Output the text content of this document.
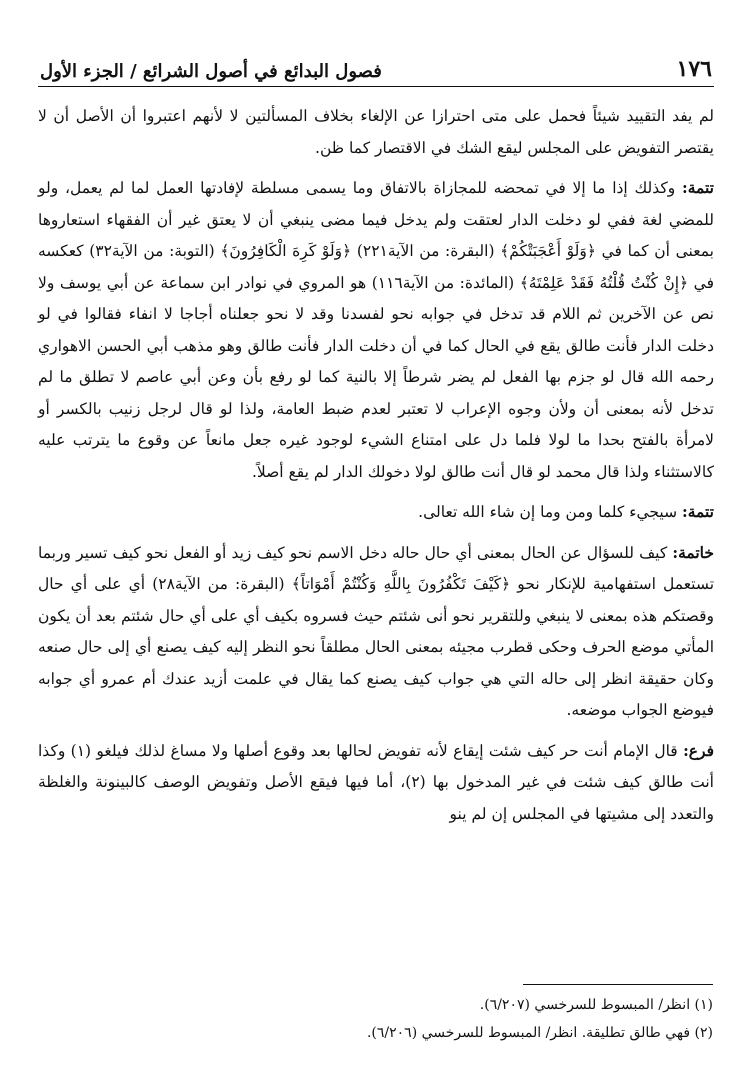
١٧٦
فصول البدائع في أصول الشرائع / الجزء الأول

لم يفد التقييد شيئاً فحمل على متى احترازا عن الإلغاء بخلاف المسألتين لا لأنهم اعتبروا أن الأصل أن لا يقتصر التفويض على المجلس ليقع الشك في الاقتصار كما ظن.

تتمة: وكذلك إذا ما إلا في تمحضه للمجازاة بالاتفاق وما يسمى مسلطة لإفادتها العمل لما لم يعمل، ولو للمضي لغة ففي لو دخلت الدار لعتقت ولم يدخل فيما مضى ينبغي أن لا يعتق غير أن الفقهاء استعاروها بمعنى أن كما في ﴿وَلَوْ أَعْجَبَتْكُمْ﴾ (البقرة: من الآية٢٢١) ﴿وَلَوْ كَرِهَ الْكَافِرُونَ﴾ (التوبة: من الآية٣٢) كعكسه في ﴿إِنْ كُنْتُ قُلْتُهُ فَقَدْ عَلِمْتَهُ﴾ (المائدة: من الآية١١٦) هو المروي في نوادر ابن سماعة عن أبي يوسف ولا نص عن الآخرين ثم اللام قد تدخل في جوابه نحو لفسدنا وقد لا نحو جعلناه أجاجا لا انفاء فقالوا في لو دخلت الدار فأنت طالق يقع في الحال كما في أن دخلت الدار فأنت طالق وهو مذهب أبي الحسن الاهواري رحمه الله قال لو جزم بها الفعل لم يضر شرطاً إلا بالنية كما لو رفع بأن وعن أبي عاصم لا تطلق ما لم تدخل لأنه بمعنى أن ولأن وجوه الإعراب لا تعتبر لعدم ضبط العامة، ولذا لو قال لرجل زنيب بالكسر أو لامرأة بالفتح بحدا ما لولا فلما دل على امتناع الشيء لوجود غيره جعل مانعاً عن وقوع ما يترتب عليه كالاستثناء ولذا قال محمد لو قال أنت طالق لولا دخولك الدار لم يقع أصلاً.

تتمة: سيجيء كلما ومن وما إن شاء الله تعالى.

خاتمة: كيف للسؤال عن الحال بمعنى أي حال حاله دخل الاسم نحو كيف زيد أو الفعل نحو كيف تسير وربما تستعمل استفهامية للإنكار نحو ﴿كَيْفَ تَكْفُرُونَ بِاللَّهِ وَكُنْتُمْ أَمْوَاتاً﴾ (البقرة: من الآية٢٨) أي على أي حال وقصتكم هذه بمعنى لا ينبغي وللتقرير نحو أنى شئتم حيث فسروه بكيف أي على أي حال شئتم بعد أن يكون المأتي موضع الحرف وحكى قطرب مجيئه بمعنى الحال مطلقاً نحو النظر إليه كيف يصنع أي إلى حال صنعه وكان حقيقة انظر إلى حاله التي هي جواب كيف يصنع كما يقال في علمت أزيد عندك أم عمرو أي جوابه فيوضع الجواب موضعه.

فرع: قال الإمام أنت حر كيف شئت إيقاع لأنه تفويض لحالها بعد وقوع أصلها ولا مساغ لذلك فيلغو (١) وكذا أنت طالق كيف شئت في غير المدخول بها (٢)، أما فيها فيقع الأصل وتفويض الوصف كالبينونة والغلظة والتعدد إلى مشيتها في المجلس إن لم ينو

(١) انظر/ المبسوط للسرخسي (٦/٢٠٧).

(٢) فهي طالق تطليقة. انظر/ المبسوط للسرخسي (٦/٢٠٦).
